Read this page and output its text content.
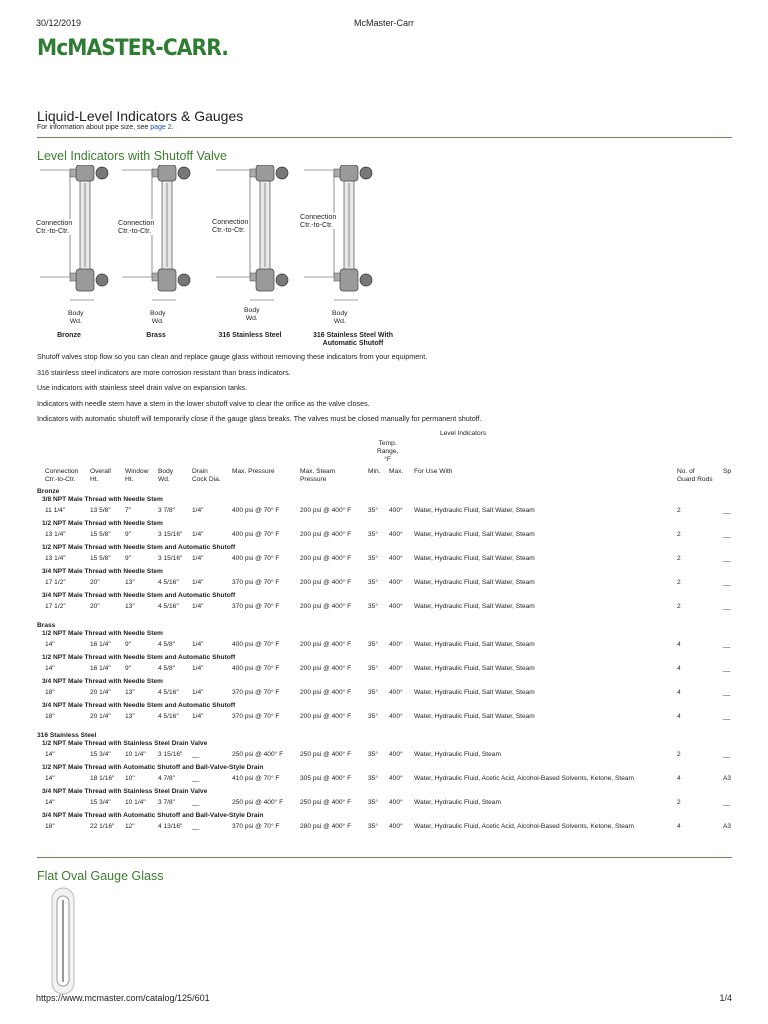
30/12/2019	McMaster-Carr
McMASTER-CARR.
Liquid-Level Indicators & Gauges
For information about pipe size, see page 2.
Level Indicators with Shutoff Valve
Connection
Ctr.-to-Ctr.
Body
Wd.
Bronze
Connection
Ctr.-to-Ctr.
Body
Wd.
Brass
Connection
Ctr.-to-Ctr.
Body
Wd.
316 Stainless Steel
Connection
Ctr.-to-Ctr.
Body
Wd.
316 Stainless Steel With
Automatic Shutoff

Shutoff valves stop flow so you can clean and replace gauge glass without removing these indicators from your equipment.

316 stainless steel indicators are more corrosion resistant than brass indicators.

Use indicators with stainless steel drain valve on expansion tanks.

Indicators with needle stem have a stem in the lower shutoff valve to clear the orifice as the valve closes.

Indicators with automatic shutoff will temporarily close if the gauge glass breaks. The valves must be closed manually for permanent shutoff.

Level Indicators
Temp.
Range,
°F
Connection
Ctr.-to-Ctr.
Overall
Ht.
Window
Ht.
Body
Wd.
Drain
Cock Dia.
Max. Pressure	Max. Steam
Pressure
Min. Max. For Use With	No. of
Guard Rods
Sp
Bronze
3/8 NPT Male Thread with Needle Stem
11 1/4"	13 5/8" 7"	3 7/8"	1/4"	400 psi @ 70° F	200 psi @ 400° F	35° 400° Water, Hydraulic Fluid, Salt Water, Steam	2	__
1/2 NPT Male Thread with Needle Stem
13 1/4"	15 5/8" 9"	3 15/16" 1/4"	400 psi @ 70° F	200 psi @ 400° F	35° 400° Water, Hydraulic Fluid, Salt Water, Steam	2	__
1/2 NPT Male Thread with Needle Stem and Automatic Shutoff
13 1/4"	15 5/8" 9"	3 15/16" 1/4"	400 psi @ 70° F	200 psi @ 400° F	35° 400° Water, Hydraulic Fluid, Salt Water, Steam	2	__
3/4 NPT Male Thread with Needle Stem
17 1/2"	20"	13"	4 5/16" 1/4"	370 psi @ 70° F	200 psi @ 400° F	35° 400° Water, Hydraulic Fluid, Salt Water, Steam	2	__
3/4 NPT Male Thread with Needle Stem and Automatic Shutoff
17 1/2"	20"	13"	4 5/16" 1/4"	370 psi @ 70° F	200 psi @ 400° F	35° 400° Water, Hydraulic Fluid, Salt Water, Steam	2	__
Brass
1/2 NPT Male Thread with Needle Stem
14"	16 1/4" 9"	4 5/8"	1/4"	400 psi @ 70° F	200 psi @ 400° F	35° 400° Water, Hydraulic Fluid, Salt Water, Steam	4	__
1/2 NPT Male Thread with Needle Stem and Automatic Shutoff
14"	16 1/4" 9"	4 5/8"	1/4"	400 psi @ 70° F	200 psi @ 400° F	35° 400° Water, Hydraulic Fluid, Salt Water, Steam	4	__
3/4 NPT Male Thread with Needle Stem
18"	20 1/4" 13"	4 5/16" 1/4"	370 psi @ 70° F	200 psi @ 400° F	35° 400° Water, Hydraulic Fluid, Salt Water, Steam	4	__
3/4 NPT Male Thread with Needle Stem and Automatic Shutoff
18"	20 1/4" 13"	4 5/16" 1/4"	370 psi @ 70° F	200 psi @ 400° F	35° 400° Water, Hydraulic Fluid, Salt Water, Steam	4	__
316 Stainless Steel
1/2 NPT Male Thread with Stainless Steel Drain Valve
14"	15 3/4" 10 1/4" 3 15/16" __	250 psi @ 400° F	250 psi @ 400° F	35° 400° Water, Hydraulic Fluid, Steam	2	__
1/2 NPT Male Thread with Automatic Shutoff and Ball-Valve-Style Drain
14"	18 1/16" 10"	4 7/8"	__	410 psi @ 70° F	305 psi @ 400° F	35° 400° Water, Hydraulic Fluid, Acetic Acid, Alcohol-Based Solvents, Ketone, Steam	4	A3
3/4 NPT Male Thread with Stainless Steel Drain Valve
14"	15 3/4" 10 1/4" 3 7/8"	__	250 psi @ 400° F	250 psi @ 400° F	35° 400° Water, Hydraulic Fluid, Steam	2	__
3/4 NPT Male Thread with Automatic Shutoff and Ball-Valve-Style Drain
18"	22 1/16" 12"	4 13/16" __	370 psi @ 70° F	280 psi @ 400° F	35° 400° Water, Hydraulic Fluid, Acetic Acid, Alcohol-Based Solvents, Ketone, Steam	4	A3
Flat Oval Gauge Glass
https://www.mcmaster.com/catalog/125/601	1/4
